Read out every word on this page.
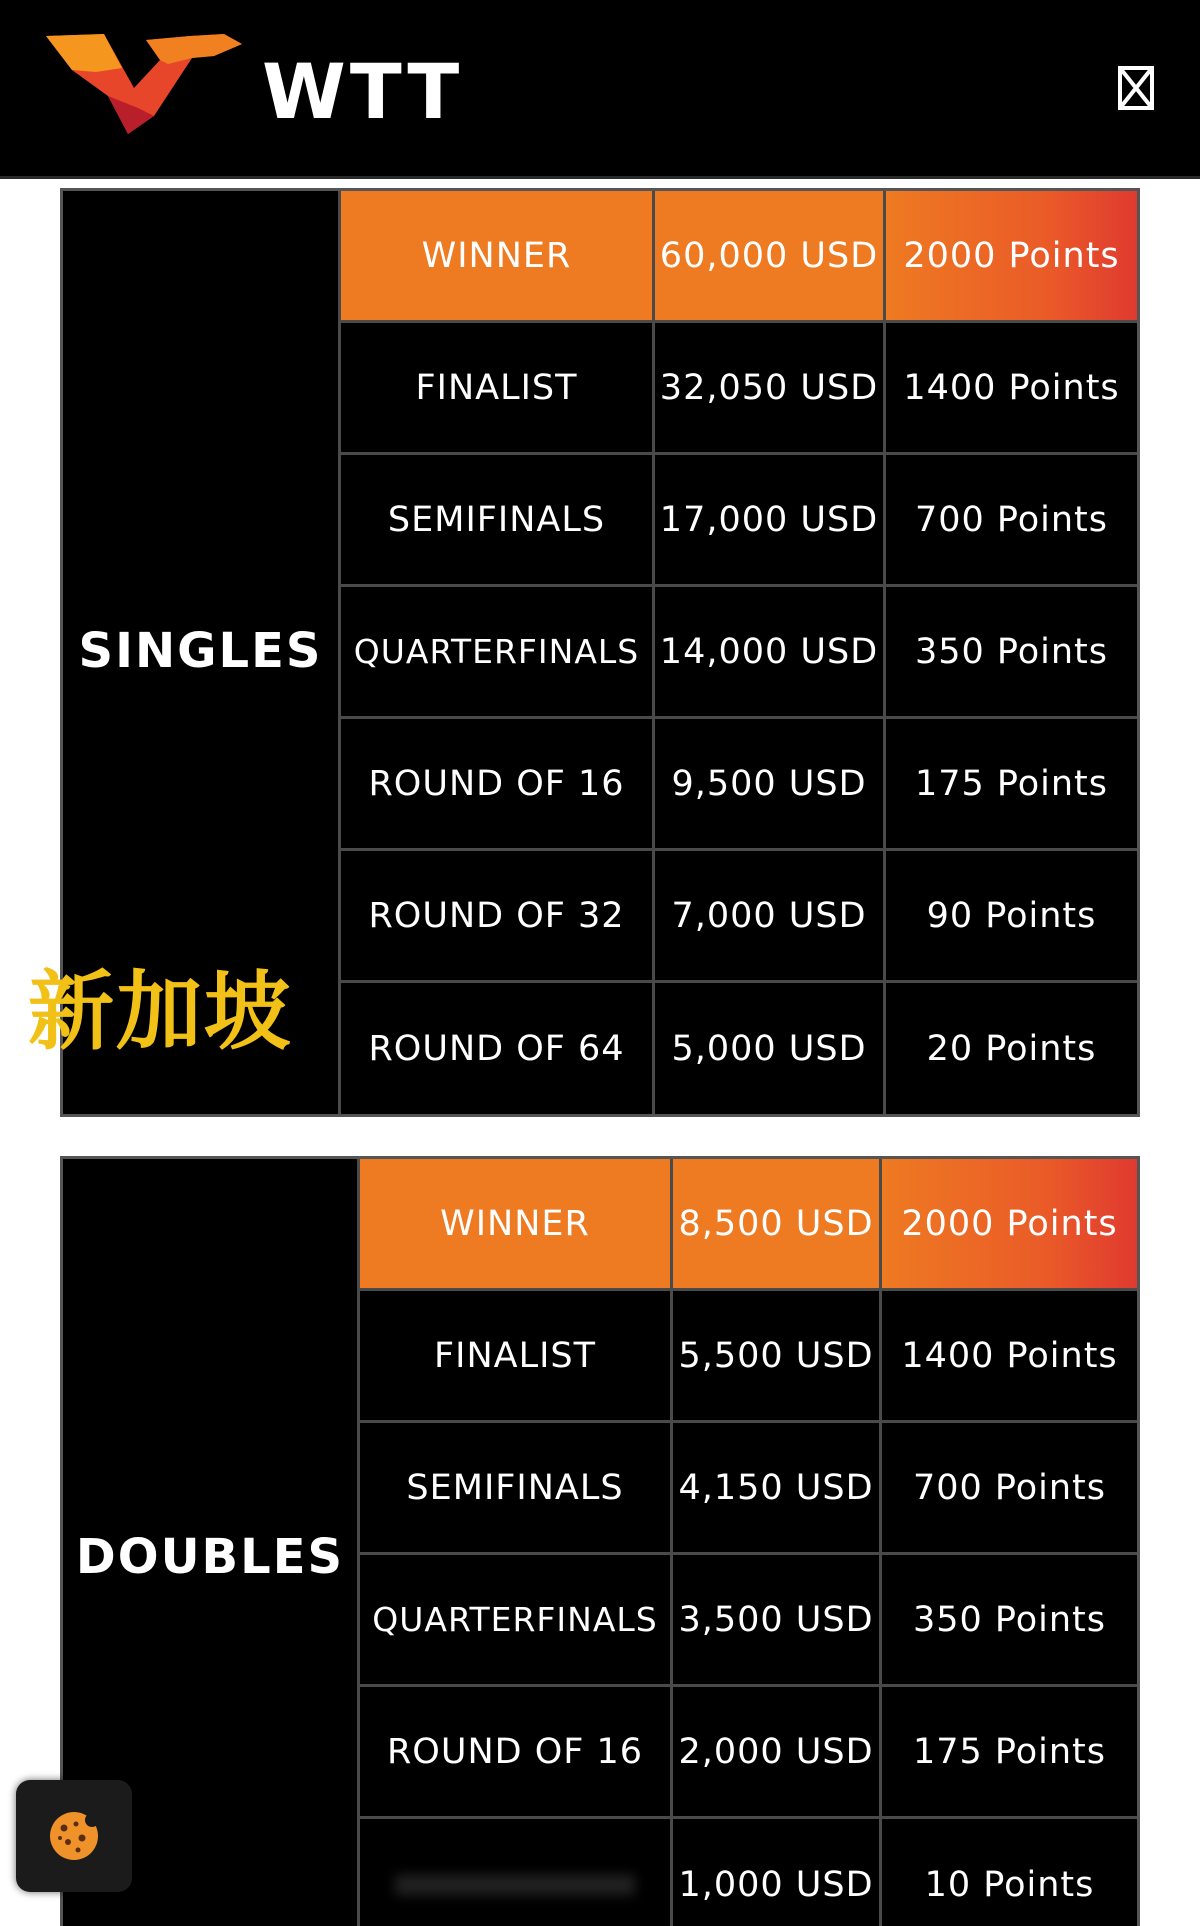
WTT
SINGLES
WINNER	60,000 USD 2000 Points
FINALIST	32,050 USD 1400 Points
SEMIFINALS	17,000 USD	700 Points
QUARTERFINALS 14,000 USD	350 Points
ROUND OF 16	9,500 USD	175 Points
ROUND OF 32	7,000 USD	90 Points
ROUND OF 64	5,000 USD	20 Points
新加坡
DOUBLES
WINNER	8,500 USD 2000 Points
FINALIST	5,500 USD 1400 Points
SEMIFINALS	4,150 USD	700 Points
QUARTERFINALS 3,500 USD	350 Points
ROUND OF 16	2,000 USD	175 Points
1,000 USD	10 Points
